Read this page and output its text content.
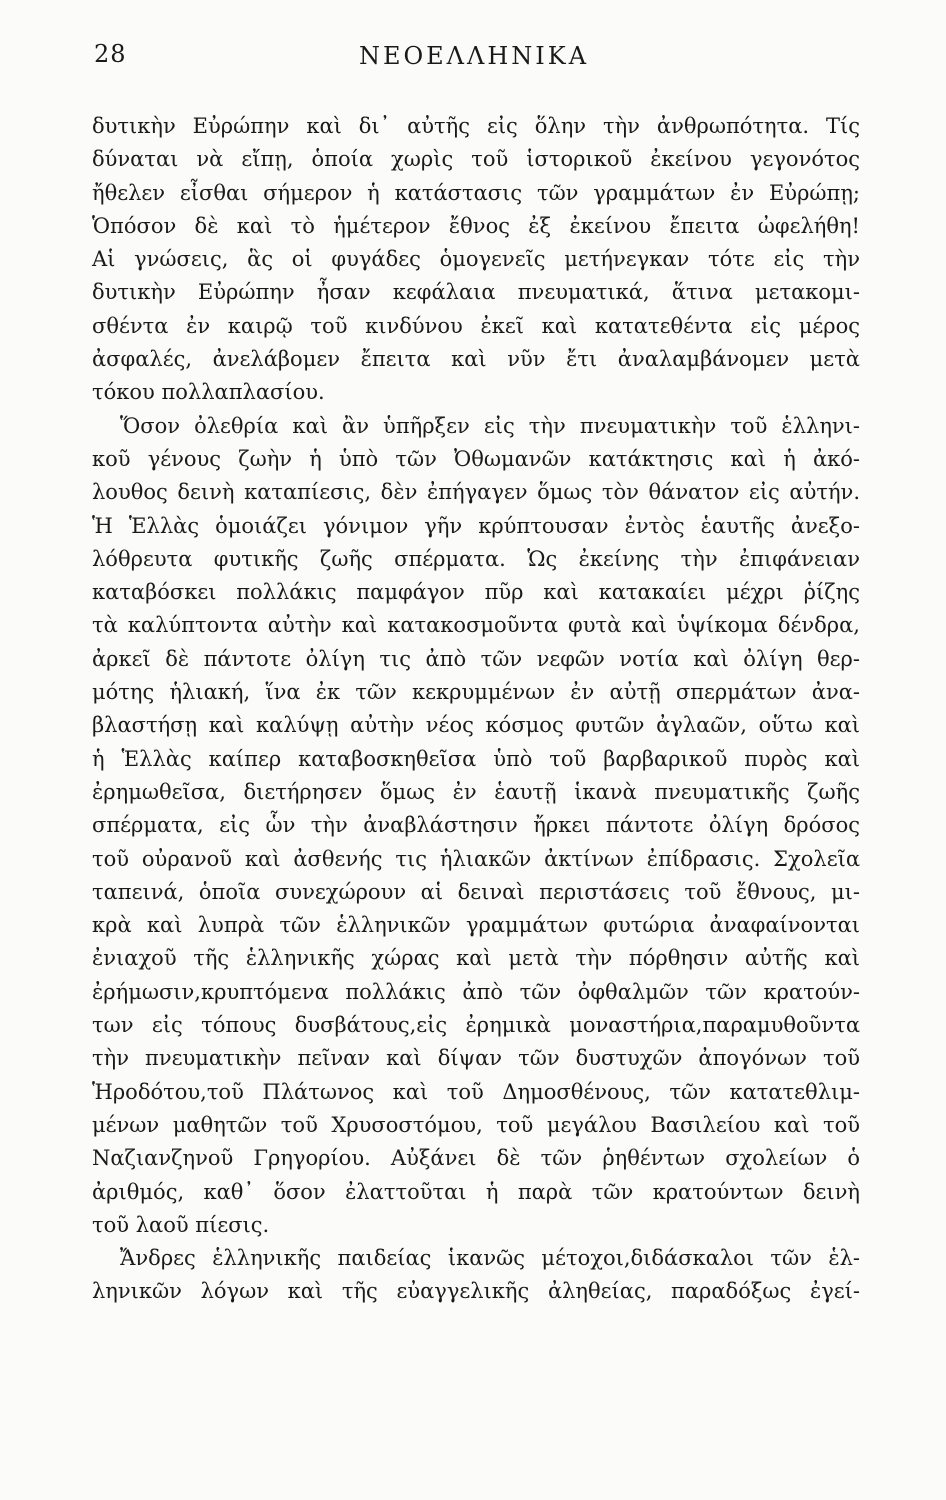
28	ΝΕΟΕΛΛΗΝΙΚΑ
δυτικὴν Εὐρώπην καὶ δι᾽ αὐτῆς εἰς ὅλην τὴν ἀνθρωπότητα. Τίς
δύναται νὰ εἴπῃ, ὁποία χωρὶς τοῦ ἱστορικοῦ ἐκείνου γεγονότος
ἤθελεν εἶσθαι σήμερον ἡ κατάστασις τῶν γραμμάτων ἐν Εὐρώπῃ;
Ὁπόσον δὲ καὶ τὸ ἡμέτερον ἔθνος ἐξ ἐκείνου ἔπειτα ὠφελήθη!
Αἱ γνώσεις, ἃς οἱ φυγάδες ὁμογενεῖς μετήνεγκαν τότε εἰς τὴν
δυτικὴν Εὐρώπην ἦσαν κεφάλαια πνευματικά, ἅτινα μετακομι-
σθέντα ἐν καιρῷ τοῦ κινδύνου ἐκεῖ καὶ κατατεθέντα εἰς μέρος
ἀσφαλές, ἀνελάβομεν ἔπειτα καὶ νῦν ἔτι ἀναλαμβάνομεν μετὰ
τόκου πολλαπλασίου.
Ὅσον ὀλεθρία καὶ ἂν ὑπῆρξεν εἰς τὴν πνευματικὴν τοῦ ἑλληνι-
κοῦ γένους ζωὴν ἡ ὑπὸ τῶν Ὀθωμανῶν κατάκτησις καὶ ἡ ἀκό-
λουθος δεινὴ καταπίεσις, δὲν ἐπήγαγεν ὅμως τὸν θάνατον εἰς αὐτήν.
Ἡ Ἑλλὰς ὁμοιάζει γόνιμον γῆν κρύπτουσαν ἐντὸς ἑαυτῆς ἀνεξο-
λόθρευτα φυτικῆς ζωῆς σπέρματα. Ὡς ἐκείνης τὴν ἐπιφάνειαν
καταβόσκει πολλάκις παμφάγον πῦρ καὶ κατακαίει μέχρι ῥίζης
τὰ καλύπτοντα αὐτὴν καὶ κατακοσμοῦντα φυτὰ καὶ ὑψίκομα δένδρα,
ἀρκεῖ δὲ πάντοτε ὀλίγη τις ἀπὸ τῶν νεφῶν νοτία καὶ ὀλίγη θερ-
μότης ἡλιακή, ἵνα ἐκ τῶν κεκρυμμένων ἐν αὐτῇ σπερμάτων ἀνα-
βλαστήσῃ καὶ καλύψῃ αὐτὴν νέος κόσμος φυτῶν ἀγλαῶν, οὕτω καὶ
ἡ Ἑλλὰς καίπερ καταβοσκηθεῖσα ὑπὸ τοῦ βαρβαρικοῦ πυρὸς καὶ
ἐρημωθεῖσα, διετήρησεν ὅμως ἐν ἑαυτῇ ἱκανὰ πνευματικῆς ζωῆς
σπέρματα, εἰς ὧν τὴν ἀναβλάστησιν ἤρκει πάντοτε ὀλίγη δρόσος
τοῦ οὐρανοῦ καὶ ἀσθενής τις ἡλιακῶν ἀκτίνων ἐπίδρασις. Σχολεῖα
ταπεινά, ὁποῖα συνεχώρουν αἱ δειναὶ περιστάσεις τοῦ ἔθνους, μι-
κρὰ καὶ λυπρὰ τῶν ἑλληνικῶν γραμμάτων φυτώρια ἀναφαίνονται
ἐνιαχοῦ τῆς ἑλληνικῆς χώρας καὶ μετὰ τὴν πόρθησιν αὐτῆς καὶ
ἐρήμωσιν,κρυπτόμενα πολλάκις ἀπὸ τῶν ὀφθαλμῶν τῶν κρατούν-
των εἰς τόπους δυσβάτους,εἰς ἐρημικὰ μοναστήρια,παραμυθοῦντα
τὴν πνευματικὴν πεῖναν καὶ δίψαν τῶν δυστυχῶν ἀπογόνων τοῦ
Ἡροδότου,τοῦ Πλάτωνος καὶ τοῦ Δημοσθένους, τῶν κατατεθλιμ-
μένων μαθητῶν τοῦ Χρυσοστόμου, τοῦ μεγάλου Βασιλείου καὶ τοῦ
Ναζιανζηνοῦ Γρηγορίου. Αὐξάνει δὲ τῶν ῥηθέντων σχολείων ὁ
ἀριθμός, καθ᾽ ὅσον ἐλαττοῦται ἡ παρὰ τῶν κρατούντων δεινὴ
τοῦ λαοῦ πίεσις.
Ἄνδρες ἑλληνικῆς παιδείας ἱκανῶς μέτοχοι,διδάσκαλοι τῶν ἑλ-
ληνικῶν λόγων καὶ τῆς εὐαγγελικῆς ἀληθείας, παραδόξως ἐγεί-
